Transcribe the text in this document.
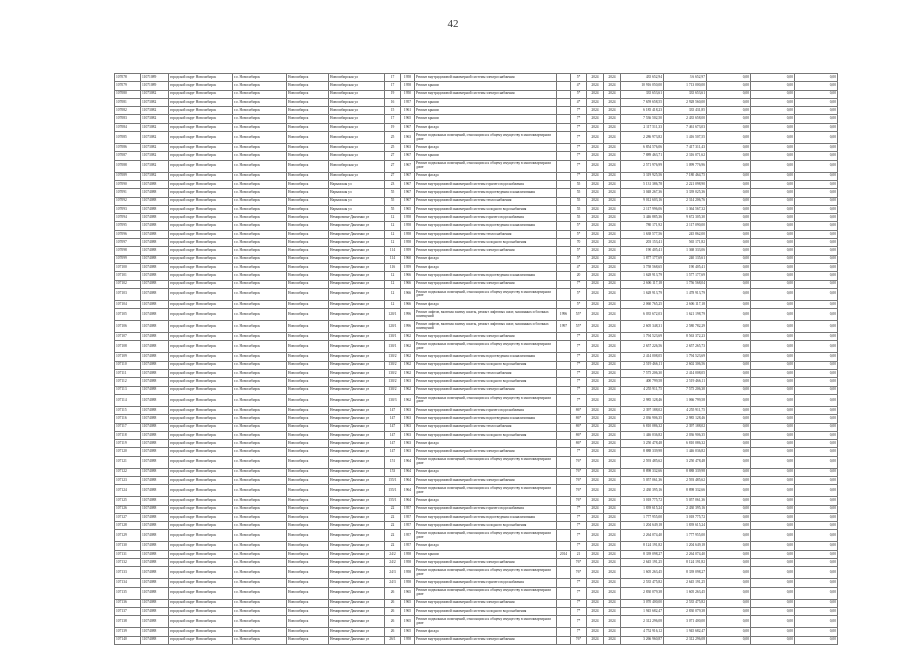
42
107078	11071089	городской округ Новосибирск	г.о. Новосибирск	Новосибирск	Новосибирская ул	17	1958	Ремонт внутридомовой инженерной системы электроснабжения		5*	2024	2024	435 652,94	3 6 652,97	0,00	0,00	0,00
107079	11071089	городской округ Новосибирск	г.о. Новосибирск	Новосибирск	Новосибирская ул	17	1958	Ремонт крыши		4*	2024	2024	10 916 050,00	1 713 000,00	0,00	0,00	0,00
107080	11073082	городской округ Новосибирск	г.о. Новосибирск	Новосибирск	Новосибирская ул	19	1950	Ремонт внутридомовой инженерной системы электроснабжения		5*	2024	2024	335 653,61	335 653,61	0,00	0,00	0,00
107081	11073082	городской округ Новосибирск	г.о. Новосибирск	Новосибирск	Новосибирская ул	16	1957	Ремонт крыши		4*	2024	2024	7 659 658,55	2 928 560,00	0,00	0,00	0,00
107082	11073082	городской округ Новосибирск	г.о. Новосибирск	Новосибирск	Новосибирская ул	15	1961	Ремонт крыши		7*	2024	2024	6 185 418,23	335 431,85	0,00	0,00	0,00
107083	11073082	городской округ Новосибирск	г.о. Новосибирск	Новосибирск	Новосибирская ул	17	1965	Ремонт крыши		7*	2024	2024	7 536 502,50	2 435 658,00	0,00	0,00	0,00
107084	11073082	городской округ Новосибирск	г.о. Новосибирск	Новосибирск	Новосибирская ул	19	1967	Ремонт фасада		7*	2024	2024	2 117 511,33	7 461 673,03	0,00	0,00	0,00
107085	11073082	городской округ Новосибирск	г.о. Новосибирск	Новосибирск	Новосибирская ул	25	1963	Ремонт подвальных помещений, относящихся к общему имуществу в многоквартирном доме		7*	2024	2024	2 286 973,82	1 416 507,55	0,00	0,00	0,00
107086	11073082	городской округ Новосибирск	г.о. Новосибирск	Новосибирск	Новосибирская ул	25	1963	Ремонт фасада		7*	2024	2024	6 854 576,06	7 417 311,43	0,00	0,00	0,00
107087	11073082	городской округ Новосибирск	г.о. Новосибирск	Новосибирск	Новосибирская ул	27	1967	Ремонт крыши		7*	2024	2024	7 889 463,71	2 316 071,62	0,00	0,00	0,00
107088	11073082	городской округ Новосибирск	г.о. Новосибирск	Новосибирск	Новосибирская ул	27	1967	Ремонт подвальных помещений, относящихся к общему имуществу в многоквартирном доме		7*	2024	2024	2 571 976,99	1 099 776,96	0,00	0,00	0,00
107089	11073082	городской округ Новосибирск	г.о. Новосибирск	Новосибирск	Новосибирская ул	27	1967	Ремонт фасада		7*	2024	2024	3 319 925,56	7 180 464,75	0,00	0,00	0,00
107090	11074088	городской округ Новосибирск	г.о. Новосибирск	Новосибирск	Нарымская ул	23	1967	Ремонт внутридомовой инженерной системы горячего водоснабжения		55	2024	2024	5 131 386,78	2 221 098,90	0,00	0,00	0,00
107091	11074088	городской округ Новосибирск	г.о. Новосибирск	Новосибирск	Нарымская ул	55	1967	Ремонт внутридомовой инженерной системы водоотведения и канализования		55	2024	2024	3 048 267,36	3 339 025,36	0,00	0,00	0,00
107092	11074088	городской округ Новосибирск	г.о. Новосибирск	Новосибирск	Нарымская ул	55	1967	Ремонт внутридомовой инженерной системы теплоснабжения		55	2024	2024	9 012 603,16	2 314 206,76	0,00	0,00	0,00
107093	11074088	городской округ Новосибирск	г.о. Новосибирск	Новосибирск	Нарымская ул	55	1965	Ремонт внутридомовой инженерной системы холодного водоснабжения		55	2024	2024	2 117 996,06	1 364 567,32	0,00	0,00	0,00
107094	11074088	городской округ Новосибирск	г.о. Новосибирск	Новосибирск	Немировича-Данченко ул	12	1958	Ремонт внутридомовой инженерной системы горячего водоснабжения		55	2024	2024	3 446 885,36	9 672 305,30	0,00	0,00	0,00
107095	11074088	городской округ Новосибирск	г.о. Новосибирск	Новосибирск	Немировича-Данченко ул	12	1958	Ремонт внутридомовой инженерной системы водоотведения и канализования		5*	2024	2024	780 171,92	2 117 090,00	0,00	0,00	0,00
107096	11074088	городской округ Новосибирск	г.о. Новосибирск	Новосибирск	Немировича-Данченко ул	12	1958	Ремонт внутридомовой инженерной системы теплоснабжения		5*	2024	2024	1 638 577,56	245 862,00	0,00	0,00	0,00
107097	11074088	городской округ Новосибирск	г.о. Новосибирск	Новосибирск	Немировича-Данченко ул	12	1958	Ремонт внутридомовой инженерной системы холодного водоснабжения		70	2024	2024	203 153,41	565 171,82	0,00	0,00	0,00
107098	11074088	городской округ Новосибирск	г.о. Новосибирск	Новосибирск	Немировича-Данченко ул	114	1959	Ремонт внутридомовой инженерной системы электроснабжения		5*	2024	2024	190 405,41	1 368 333,06	0,00	0,00	0,00
107099	11074088	городской округ Новосибирск	г.о. Новосибирск	Новосибирск	Немировича-Данченко ул	114	1960	Ремонт фасада		5*	2024	2024	1 877 177,69	240 135,61	0,00	0,00	0,00
107100	11074088	городской округ Новосибирск	г.о. Новосибирск	Новосибирск	Немировича-Данченко ул	116	1959	Ремонт фасада		4*	2024	2024	3 758 568,65	190 405,41	0,00	0,00	0,00
107101	11074088	городской округ Новосибирск	г.о. Новосибирск	Новосибирск	Немировича-Данченко ул	12	1966	Ремонт внутридомовой инженерной системы водоотведения и канализования		20	2024	2024	1 628 913,79	1 577 177,69	0,00	0,00	0,00
107102	11074088	городской округ Новосибирск	г.о. Новосибирск	Новосибирск	Немировича-Данченко ул	12	1966	Ремонт внутридомовой инженерной системы электроснабжения		7*	2024	2024	2 606 117,18	1 756 568,04	0,00	0,00	0,00
107103	11074088	городской округ Новосибирск	г.о. Новосибирск	Новосибирск	Немировича-Данченко ул	12	1966	Ремонт подвальных помещений, относящихся к общему имуществу в многоквартирном доме		5*	2024	2024	1 628 913,79	1 478 913,79	0,00	0,00	0,00
107104	11074088	городской округ Новосибирск	г.о. Новосибирск	Новосибирск	Немировича-Данченко ул	12	1966	Ремонт фасада		5*	2024	2024	2 060 765,25	2 606 117,18	0,00	0,00	0,00
107105	11074088	городской округ Новосибирск	г.о. Новосибирск	Новосибирск	Немировича-Данченко ул	120/1	1996	Ремонт лифтов, включая замену шахты, ремонт лифтовых шахт, машинных и блочных помещений	1996	55*	2024	2024	6 035 672,03	1 621 198,79	0,00	0,00	0,00
107106	11074088	городской округ Новосибирск	г.о. Новосибирск	Новосибирск	Немировича-Данченко ул	120/1	1996	Ремонт лифтов, включая замену шахты, ремонт лифтовых шахт, машинных и блочных помещений	1997	55*	2024	2024	2 605 348,31	2 580 782,29	0,00	0,00	0,00
107107	11074088	городской округ Новосибирск	г.о. Новосибирск	Новосибирск	Немировича-Данченко ул	130/1	1962	Ремонт внутридомовой инженерной системы электроснабжения		7*	2024	2024	1 794 523,69	8 563 372,23	0,00	0,00	0,00
107108	11074088	городской округ Новосибирск	г.о. Новосибирск	Новосибирск	Немировича-Данченко ул	130/1	1962	Ремонт подвальных помещений, относящихся к общему имуществу в многоквартирном доме		7*	2024	2024	2 657 226,56	2 657 265,73	0,00	0,00	0,00
107109	11074088	городской округ Новосибирск	г.о. Новосибирск	Новосибирск	Немировича-Данченко ул	130/2	1962	Ремонт внутридомовой инженерной системы водоотведения и канализования		7*	2024	2024	2 414 008,05	1 794 523,69	0,00	0,00	0,00
107110	11074088	городской округ Новосибирск	г.о. Новосибирск	Новосибирск	Немировича-Данченко ул	130/2	1962	Ремонт внутридомовой инженерной системы холодного водоснабжения		7*	2024	2024	2 519 466,11	2 602 306,56	0,00	0,00	0,00
107111	11074088	городской округ Новосибирск	г.о. Новосибирск	Новосибирск	Немировича-Данченко ул	130/2	1962	Ремонт внутридомовой инженерной системы теплоснабжения		7*	2024	2024	7 575 206,30	2 414 008,05	0,00	0,00	0,00
107112	11074088	городской округ Новосибирск	г.о. Новосибирск	Новосибирск	Немировича-Данченко ул	130/2	1963	Ремонт внутридомовой инженерной системы холодного водоснабжения		7*	2024	2024	400 799,58	2 519 466,11	0,00	0,00	0,00
107113	11074088	городской округ Новосибирск	г.о. Новосибирск	Новосибирск	Немировича-Данченко ул	130/2	1962	Ремонт внутридомовой инженерной системы электроснабжения		7*	2024	2024	4 255 911,75	7 575 206,30	0,00	0,00	0,00
107114	11074088	городской округ Новосибирск	г.о. Новосибирск	Новосибирск	Немировича-Данченко ул	130/3	1962	Ремонт подвальных помещений, относящихся к общему имуществу в многоквартирном доме		7*	2024	2024	2 985 128,46	1 066 799,58	0,00	0,00	0,00
107115	11074088	городской округ Новосибирск	г.о. Новосибирск	Новосибирск	Немировича-Данченко ул	147	1963	Ремонт внутридомовой инженерной системы горячего водоснабжения		86*	2024	2024	2 397 188,02	4 255 911,75	0,00	0,00	0,00
107116	11074088	городской округ Новосибирск	г.о. Новосибирск	Новосибирск	Немировича-Данченко ул	147	1963	Ремонт внутридомовой инженерной системы водоотведения и канализования		86*	2024	2024	2 036 906,35	2 985 128,46	0,00	0,00	0,00
107117	11074088	городской округ Новосибирск	г.о. Новосибирск	Новосибирск	Немировича-Данченко ул	147	1963	Ремонт внутридомовой инженерной системы теплоснабжения		86*	2024	2024	6 810 086,32	2 397 188,02	0,00	0,00	0,00
107118	11074088	городской округ Новосибирск	г.о. Новосибирск	Новосибирск	Немировича-Данченко ул	147	1963	Ремонт внутридомовой инженерной системы холодного водоснабжения		86*	2024	2024	1 446 036,82	2 036 906,35	0,00	0,00	0,00
107119	11074088	городской округ Новосибирск	г.о. Новосибирск	Новосибирск	Немировича-Данченко ул	147	1963	Ремонт фасада		86*	2024	2024	3 250 478,48	6 810 086,32	0,00	0,00	0,00
107120	11074088	городской округ Новосибирск	г.о. Новосибирск	Новосибирск	Немировича-Данченко ул	147	1963	Ремонт внутридомовой инженерной системы электроснабжения		7*	2024	2024	8 888 339,98	1 446 036,82	0,00	0,00	0,00
107121	11074088	городской округ Новосибирск	г.о. Новосибирск	Новосибирск	Немировича-Данченко ул	151	1964	Ремонт подвальных помещений, относящихся к общему имуществу в многоквартирном доме		76*	2024	2024	2 593 485,62	3 250 478,48	0,00	0,00	0,00
107122	11074088	городской округ Новосибирск	г.о. Новосибирск	Новосибирск	Немировича-Данченко ул	153	1964	Ремонт фасада		76*	2024	2024	8 898 332,66	8 888 339,98	0,00	0,00	0,00
107123	11074088	городской округ Новосибирск	г.о. Новосибирск	Новосибирск	Немировича-Данченко ул	155/1	1964	Ремонт внутридомовой инженерной системы электроснабжения		76*	2024	2024	5 057 061,36	2 593 485,62	0,00	0,00	0,00
107124	11074088	городской округ Новосибирск	г.о. Новосибирск	Новосибирск	Немировича-Данченко ул	155/1	1964	Ремонт подвальных помещений, относящихся к общему имуществу в многоквартирном доме		76*	2024	2024	2 430 395,16	8 898 332,66	0,00	0,00	0,00
107125	11074088	городской округ Новосибирск	г.о. Новосибирск	Новосибирск	Немировича-Данченко ул	155/1	1964	Ремонт фасада		76*	2024	2024	3 018 775,72	5 057 061,36	0,00	0,00	0,00
107126	11074088	городской округ Новосибирск	г.о. Новосибирск	Новосибирск	Немировича-Данченко ул	22	1957	Ремонт внутридомовой инженерной системы горячего водоснабжения		7*	2024	2024	1 839 615,24	2 430 395,16	0,00	0,00	0,00
107127	11074088	городской округ Новосибирск	г.о. Новосибирск	Новосибирск	Немировича-Данченко ул	22	1957	Ремонт внутридомовой инженерной системы водоотведения и канализования		7*	2024	2024	1 777 955,00	3 018 775,72	0,00	0,00	0,00
107128	11074088	городской округ Новосибирск	г.о. Новосибирск	Новосибирск	Немировича-Данченко ул	22	1957	Ремонт внутридомовой инженерной системы холодного водоснабжения		7*	2024	2024	1 204 649,18	1 839 615,24	0,00	0,00	0,00
107129	11074088	городской округ Новосибирск	г.о. Новосибирск	Новосибирск	Немировича-Данченко ул	22	1957	Ремонт подвальных помещений, относящихся к общему имуществу в многоквартирном доме		7*	2024	2024	2 264 074,40	1 777 955,00	0,00	0,00	0,00
107130	11074088	городской округ Новосибирск	г.о. Новосибирск	Новосибирск	Немировича-Данченко ул	22	1957	Ремонт фасада		7*	2024	2024	8 124 191,82	1 204 649,18	0,00	0,00	0,00
107131	11074088	городской округ Новосибирск	г.о. Новосибирск	Новосибирск	Немировича-Данченко ул	24/2	1958	Ремонт крыши	2014	21	2024	2024	8 339 098,27	2 264 074,40	0,00	0,00	0,00
107132	11074088	городской округ Новосибирск	г.о. Новосибирск	Новосибирск	Немировича-Данченко ул	24/2	1958	Ремонт внутридомовой инженерной системы электроснабжения		76*	2024	2024	2 645 191,25	8 124 191,82	0,00	0,00	0,00
107133	11074088	городской округ Новосибирск	г.о. Новосибирск	Новосибирск	Немировича-Данченко ул	24/3	1958	Ремонт подвальных помещений, относящихся к общему имуществу в многоквартирном доме		76*	2024	2024	1 605 263,45	8 339 098,27	0,00	0,00	0,00
107134	11074088	городской округ Новосибирск	г.о. Новосибирск	Новосибирск	Немировича-Данченко ул	24/3	1958	Ремонт внутридомовой инженерной системы горячего водоснабжения		7*	2024	2024	2 535 475,82	2 645 191,25	0,00	0,00	0,00
107135	11074088	городской округ Новосибирск	г.о. Новосибирск	Новосибирск	Немировича-Данченко ул	26	1965	Ремонт подвальных помещений, относящихся к общему имуществу в многоквартирном доме		7*	2024	2024	2 830 079,38	1 605 263,45	0,00	0,00	0,00
107136	11074088	городской округ Новосибирск	г.о. Новосибирск	Новосибирск	Немировича-Данченко ул	26	1965	Ремонт внутридомовой инженерной системы электроснабжения		7*	2024	2024	3 070 400,00	2 535 475,82	0,00	0,00	0,00
107137	11074088	городской округ Новосибирск	г.о. Новосибирск	Новосибирск	Немировича-Данченко ул	26	1965	Ремонт внутридомовой инженерной системы холодного водоснабжения		7*	2024	2024	1 945 682,47	2 830 079,38	0,00	0,00	0,00
107138	11074088	городской округ Новосибирск	г.о. Новосибирск	Новосибирск	Немировича-Данченко ул	26	1965	Ремонт подвальных помещений, относящихся к общему имуществу в многоквартирном доме		7*	2024	2024	2 312 296,08	3 071 400,00	0,00	0,00	0,00
107139	11074088	городской округ Новосибирск	г.о. Новосибирск	Новосибирск	Немировича-Данченко ул	26	1965	Ремонт фасада		7*	2024	2024	4 752 916,12	1 945 682,47	0,00	0,00	0,00
107140	11074088	городской округ Новосибирск	г.о. Новосибирск	Новосибирск	Немировича-Данченко ул	26/1	1958	Ремонт внутридомовой инженерной системы электроснабжения		76*	2024	2024	3 266 960,87	2 312 296,08	0,00	0,00	0,00
